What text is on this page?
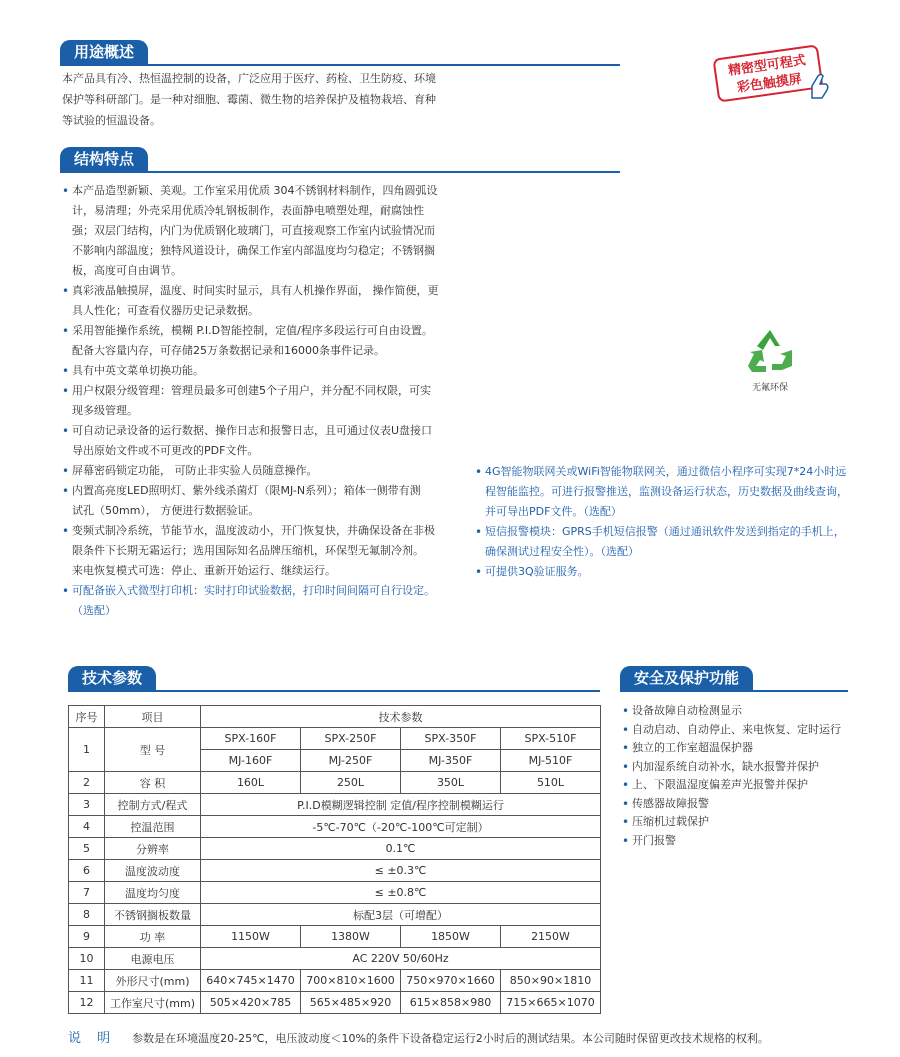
用途概述
本产品具有冷、热恒温控制的设备，广泛应用于医疗、药检、卫生防疫、环境
保护等科研部门。是一种对细胞、霉菌、微生物的培养保护及植物栽培、育种
等试验的恒温设备。
精密型可程式
彩色触摸屏
结构特点
• 本产品造型新颖、美观。工作室采用优质 304不锈钢材料制作，四角圆弧设
计，易清理；外壳采用优质冷轧钢板制作，表面静电喷塑处理，耐腐蚀性
强；双层门结构，内门为优质钢化玻璃门，可直接观察工作室内试验情况而
不影响内部温度；独特风道设计，确保工作室内部温度均匀稳定；不锈钢搁
板，高度可自由调节。
• 真彩液晶触摸屏，温度、时间实时显示，具有人机操作界面， 操作简便，更
具人性化；可查看仪器历史记录数据。
• 采用智能操作系统，模糊 P.I.D智能控制，定值/程序多段运行可自由设置。
配备大容量内存，可存储25万条数据记录和16000条事件记录。
• 具有中英文菜单切换功能。
• 用户权限分级管理：管理员最多可创建5个子用户，并分配不同权限，可实
现多级管理。
• 可自动记录设备的运行数据、操作日志和报警日志，且可通过仪表U盘接口
导出原始文件或不可更改的PDF文件。
• 屏幕密码锁定功能， 可防止非实验人员随意操作。
• 内置高亮度LED照明灯、紫外线杀菌灯（限MJ-N系列）；箱体一侧带有测
试孔（50mm）， 方便进行数据验证。
• 变频式制冷系统，节能节水，温度波动小，开门恢复快，并确保设备在非极
限条件下长期无霜运行；选用国际知名品牌压缩机，环保型无氟制冷剂。
来电恢复模式可选：停止、重新开始运行、继续运行。
• 可配备嵌入式微型打印机：实时打印试验数据，打印时间间隔可自行设定。
（选配）
无氟环保
• 4G智能物联网关或WiFi智能物联网关，通过微信小程序可实现7*24小时远
程智能监控。可进行报警推送，监测设备运行状态，历史数据及曲线查询，
并可导出PDF文件。（选配）
• 短信报警模块：GPRS手机短信报警（通过通讯软件发送到指定的手机上，
确保测试过程安全性）。（选配）
• 可提供3Q验证服务。
技术参数	安全及保护功能
序号	项目	技术参数			
1	型 号	SPX-160F	SPX-250F	SPX-350F	SPX-510F
		MJ-160F	MJ-250F	MJ-350F	MJ-510F
2	容 积	160L	250L	350L	510L
3	控制方式/程式	P.I.D模糊逻辑控制 定值/程序控制模糊运行			
4	控温范围	-5℃-70℃（-20℃-100℃可定制）			
5	分辨率	0.1℃			
6	温度波动度	≤ ±0.3℃			
7	温度均匀度	≤ ±0.8℃			
8	不锈钢搁板数量	标配3层（可增配）			
9	功 率	1150W	1380W	1850W	2150W
10	电源电压	AC 220V 50/60Hz			
11	外形尺寸(mm)	640×745×1470	700×810×1600	750×970×1660	850×90×1810
12	工作室尺寸(mm)	505×420×785	565×485×920	615×858×980	715×665×1070
• 设备故障自动检测显示
• 自动启动、自动停止、来电恢复、定时运行
• 独立的工作室超温保护器
• 内加湿系统自动补水，缺水报警并保护
• 上、下限温湿度偏差声光报警并保护
• 传感器故障报警
• 压缩机过载保护
• 开门报警
说 明 参数是在环境温度20-25℃，电压波动度＜10%的条件下设备稳定运行2小时后的测试结果。本公司随时保留更改技术规格的权利。
